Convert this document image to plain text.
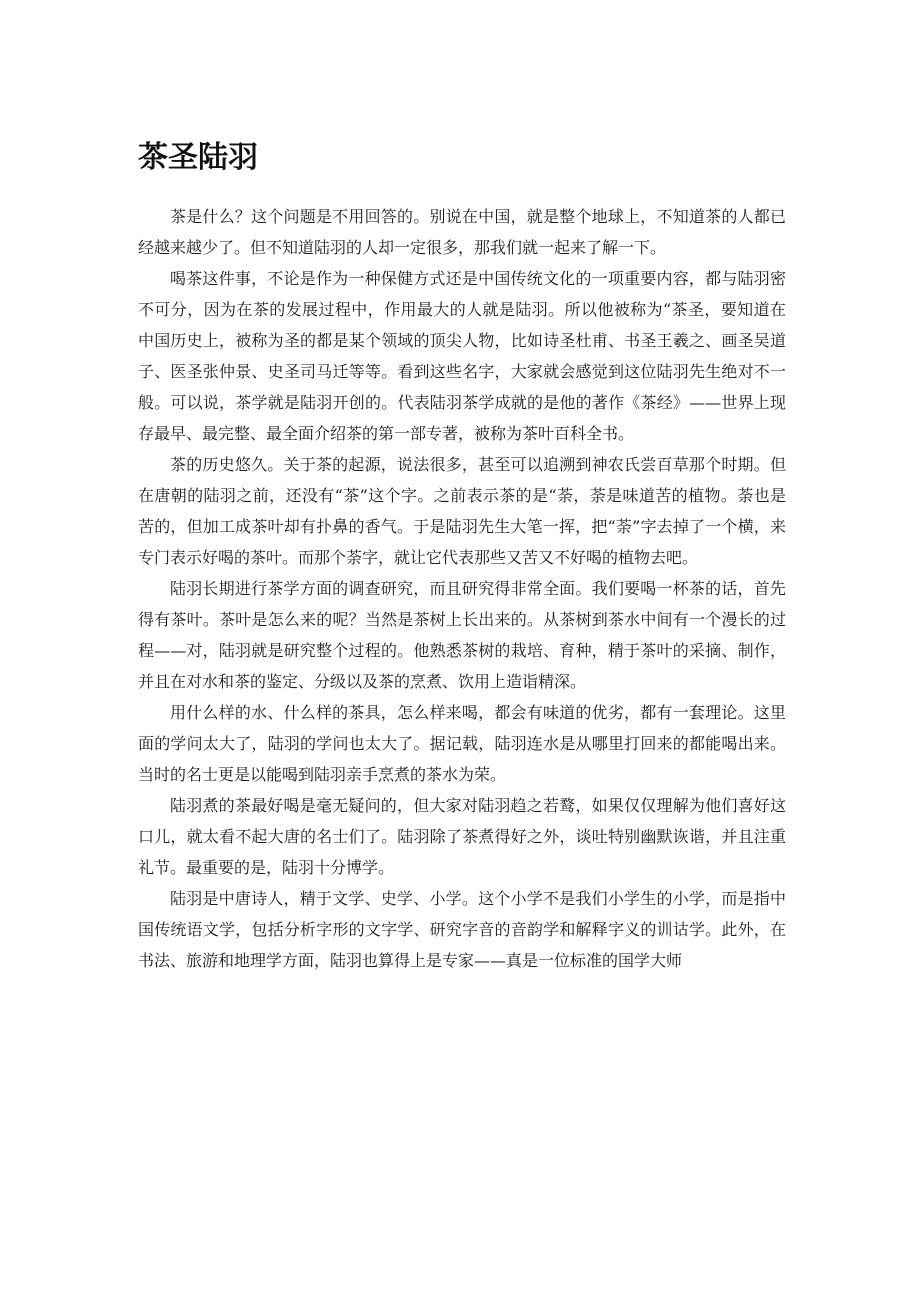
茶圣陆羽

茶是什么？这个问题是不用回答的。别说在中国，就是整个地球上，不知道茶的人都已经越来越少了。但不知道陆羽的人却一定很多，那我们就一起来了解一下。

喝茶这件事，不论是作为一种保健方式还是中国传统文化的一项重要内容，都与陆羽密不可分，因为在茶的发展过程中，作用最大的人就是陆羽。所以他被称为“茶圣，要知道在中国历史上，被称为圣的都是某个领域的顶尖人物，比如诗圣杜甫、书圣王羲之、画圣吴道子、医圣张仲景、史圣司马迁等等。看到这些名字，大家就会感觉到这位陆羽先生绝对不一般。可以说，茶学就是陆羽开创的。代表陆羽茶学成就的是他的著作《茶经》——世界上现存最早、最完整、最全面介绍茶的第一部专著，被称为茶叶百科全书。

茶的历史悠久。关于茶的起源，说法很多，甚至可以追溯到神农氏尝百草那个时期。但在唐朝的陆羽之前，还没有“茶”这个字。之前表示茶的是“荼，荼是味道苦的植物。荼也是苦的，但加工成茶叶却有扑鼻的香气。于是陆羽先生大笔一挥，把“荼”字去掉了一个横，来专门表示好喝的茶叶。而那个荼字，就让它代表那些又苦又不好喝的植物去吧。

陆羽长期进行茶学方面的调查研究，而且研究得非常全面。我们要喝一杯茶的话，首先得有茶叶。茶叶是怎么来的呢？当然是茶树上长出来的。从茶树到茶水中间有一个漫长的过程——对，陆羽就是研究整个过程的。他熟悉茶树的栽培、育种，精于茶叶的采摘、制作，并且在对水和茶的鉴定、分级以及茶的烹煮、饮用上造诣精深。

用什么样的水、什么样的茶具，怎么样来喝，都会有味道的优劣，都有一套理论。这里面的学问太大了，陆羽的学问也太大了。据记载，陆羽连水是从哪里打回来的都能喝出来。当时的名士更是以能喝到陆羽亲手烹煮的茶水为荣。

陆羽煮的茶最好喝是毫无疑问的，但大家对陆羽趋之若鹜，如果仅仅理解为他们喜好这口儿，就太看不起大唐的名士们了。陆羽除了茶煮得好之外，谈吐特别幽默诙谐，并且注重礼节。最重要的是，陆羽十分博学。

陆羽是中唐诗人，精于文学、史学、小学。这个小学不是我们小学生的小学，而是指中国传统语文学，包括分析字形的文字学、研究字音的音韵学和解释字义的训诂学。此外，在书法、旅游和地理学方面，陆羽也算得上是专家——真是一位标准的国学大师
